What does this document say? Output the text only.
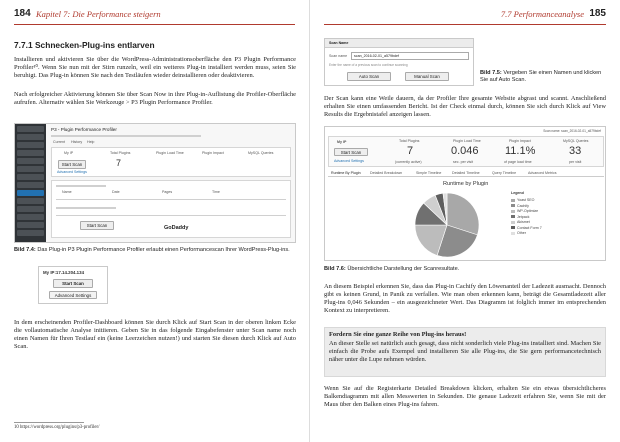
184 Kapitel 7: Die Performance steigern
7.7.1 Schnecken-Plug-ins entlarven
Installieren und aktivieren Sie über die WordPress-Administrationsoberfläche den P3 Plugin Performance Profiler¹⁰. Wenn Sie nun mit der Stirn runzeln, weil ein weiteres Plug-in installiert werden muss, seien Sie beruhigt. Das Plug-in können Sie nach den Testläufen wieder deinstallieren oder deaktivieren.
Nach erfolgreicher Aktivierung können Sie über Scan Now in ihre Plug-in-Auflistung die Profiler-Oberfläche aufrufen. Alternativ wählen Sie Werkzeuge > P3 Plugin Performance Profiler.
P3 - Plugin Performance Profiler
Current History Help
My IP
Start Scan
Advanced Settings
Total Plugins
7
Plugin Load Time	Plugin Impact	MySQL Queries
Name	Date	Pages	Time
Start Scan	GoDaddy
Bild 7.4: Das Plug-in P3 Plugin Performance Profiler erlaubt einen Performancescan Ihrer WordPress-Plug-ins.
My IP:17.14.204.134
Start Scan
Advanced Settings
In dem erscheinenden Profiler-Dashboard können Sie durch Klick auf Start Scan in der oberen linken Ecke die vollautomatische Analyse initiieren. Geben Sie in das folgende Eingabefenster unter Scan name noch einen Namen für Ihren Testlauf ein (keine Leerzeichen nutzen!) und starten Sie diesen durch Klick auf Auto Scan.
10 https://wordpress.org/plugins/p3-profiler/
7.7 Performanceanalyse 185
Scan Name
Scan name scan_2016-02-01_a579bdef
Enter the name of a previous scan to continue scanning
Auto Scan	Manual Scan
Bild 7.5: Vergeben Sie einen Namen und klicken Sie auf Auto Scan.
Der Scan kann eine Weile dauern, da der Profiler Ihre gesamte Website abgrast und scannt. Anschließend erhalten Sie einen umfassenden Bericht. Ist der Check einmal durch, können Sie sich durch Klick auf View Results die Ergebnistafel anzeigen lassen.
Scan name: scan_2016-02-01_a579bdef
My IP
Start Scan
Advanced Settings
Total Plugins
7
(currently active)
Plugin Load Time
0.046
sec. per visit
Plugin Impact
11.1%
of page load time
MySQL Queries
33
per visit
Runtime By Plugin	Detailed Breakdown	Simple Timeline	Detailed Timeline	Query Timeline	Advanced Metrics
Runtime by Plugin
Legend
Yoast SEO
Cachify
WP-Optimize
Jetpack
Akismet
Contact Form 7
Other
Bild 7.6: Übersichtliche Darstellung der Scanresultate.
An diesem Beispiel erkennen Sie, dass das Plug-in Cachify den Löwenanteil der Ladezeit ausmacht. Dennoch gibt es keinen Grund, in Panik zu verfallen. Wie man oben erkennen kann, beträgt die Gesamtladezeit aller Plug-ins 0,046 Sekunden – ein ausgezeichneter Wert. Das Diagramm ist folglich immer im entsprechenden Kontext zu interpretieren.
Fordern Sie eine ganze Reihe von Plug-ins heraus!
An dieser Stelle sei natürlich auch gesagt, dass nicht sonderlich viele Plug-ins installiert sind. Machen Sie einfach die Probe aufs Exempel und installieren Sie alle Plug-ins, die Sie gern performancetechnisch näher unter die Lupe nehmen würden.
Wenn Sie auf die Registerkarte Detailed Breakdown klicken, erhalten Sie ein etwas übersichtlicheres Balkendiagramm mit allen Messwerten in Sekunden. Die genaue Ladezeit erfahren Sie, wenn Sie mit der Maus über den Balken eines Plug-ins fahren.
